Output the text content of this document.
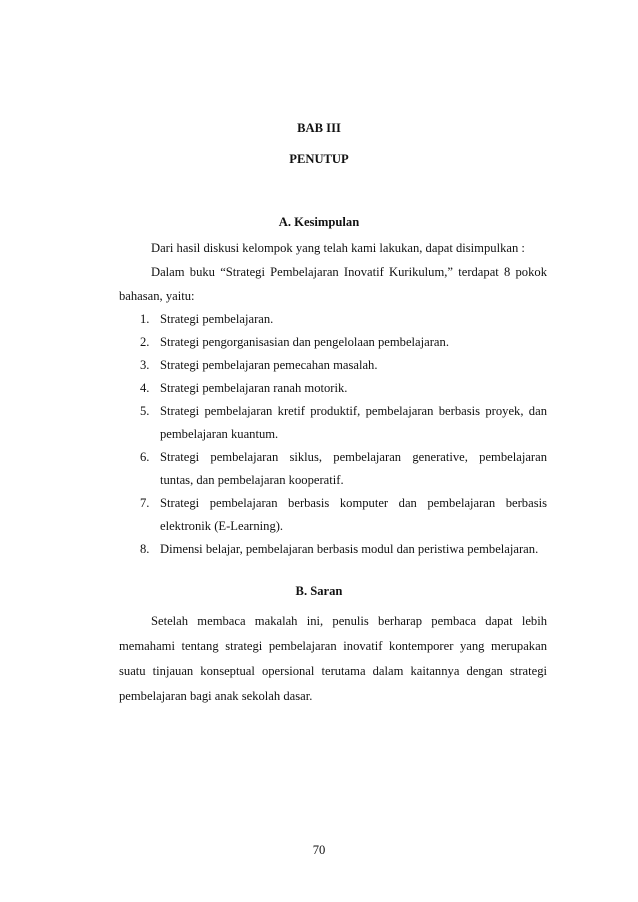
BAB III

PENUTUP

A. Kesimpulan

Dari hasil diskusi kelompok yang telah kami lakukan, dapat disimpulkan :

Dalam buku “Strategi Pembelajaran Inovatif Kurikulum,” terdapat 8 pokok

bahasan, yaitu:

1. Strategi pembelajaran.
2. Strategi pengorganisasian dan pengelolaan pembelajaran.
3. Strategi pembelajaran pemecahan masalah.
4. Strategi pembelajaran ranah motorik.
5. Strategi pembelajaran kretif produktif, pembelajaran berbasis proyek, dan
pembelajaran kuantum.
6. Strategi pembelajaran siklus, pembelajaran generative, pembelajaran
tuntas, dan pembelajaran kooperatif.
7. Strategi pembelajaran berbasis komputer dan pembelajaran berbasis
elektronik (E-Learning).
8. Dimensi belajar, pembelajaran berbasis modul dan peristiwa pembelajaran.

B. Saran

Setelah membaca makalah ini, penulis berharap pembaca dapat lebih

memahami tentang strategi pembelajaran inovatif kontemporer yang merupakan

suatu tinjauan konseptual opersional terutama dalam kaitannya dengan strategi

pembelajaran bagi anak sekolah dasar.

70
